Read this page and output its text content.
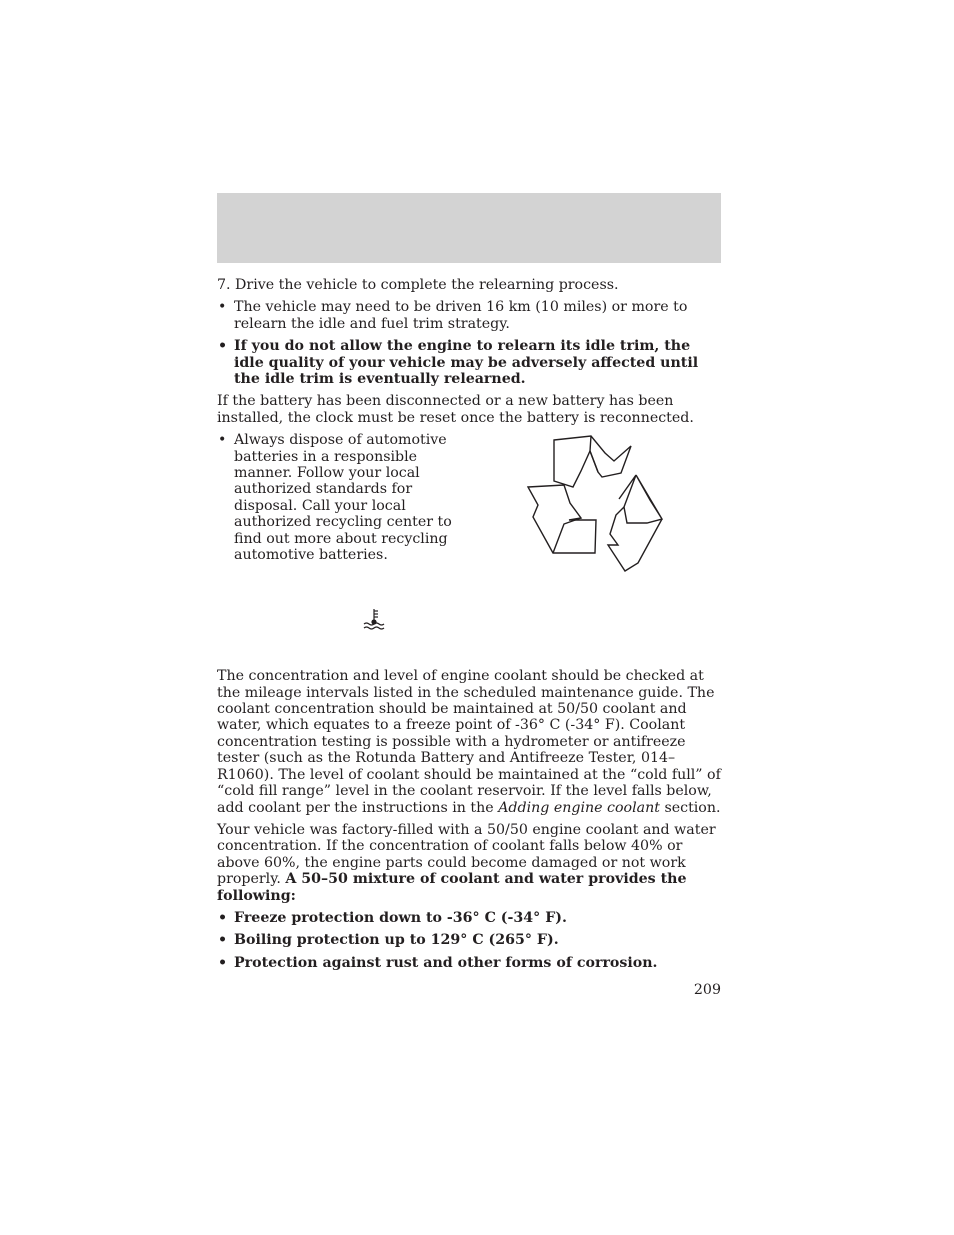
7. Drive the vehicle to complete the relearning process.

• The vehicle may need to be driven 16 km (10 miles) or more to relearn the idle and fuel trim strategy.
• If you do not allow the engine to relearn its idle trim, the idle quality of your vehicle may be adversely affected until the idle trim is eventually relearned.

If the battery has been disconnected or a new battery has been installed, the clock must be reset once the battery is reconnected.

• Always dispose of automotive batteries in a responsible manner. Follow your local authorized standards for disposal. Call your local authorized recycling center to find out more about recycling automotive batteries.

The concentration and level of engine coolant should be checked at the mileage intervals listed in the scheduled maintenance guide. The coolant concentration should be maintained at 50/50 coolant and water, which equates to a freeze point of -36° C (-34° F). Coolant concentration testing is possible with a hydrometer or antifreeze tester (such as the Rotunda Battery and Antifreeze Tester, 014–R1060). The level of coolant should be maintained at the “cold full” of “cold fill range” level in the coolant reservoir. If the level falls below, add coolant per the instructions in the Adding engine coolant section.

Your vehicle was factory-filled with a 50/50 engine coolant and water concentration. If the concentration of coolant falls below 40% or above 60%, the engine parts could become damaged or not work properly. A 50–50 mixture of coolant and water provides the following:

• Freeze protection down to -36° C (-34° F).
• Boiling protection up to 129° C (265° F).
• Protection against rust and other forms of corrosion.
209
